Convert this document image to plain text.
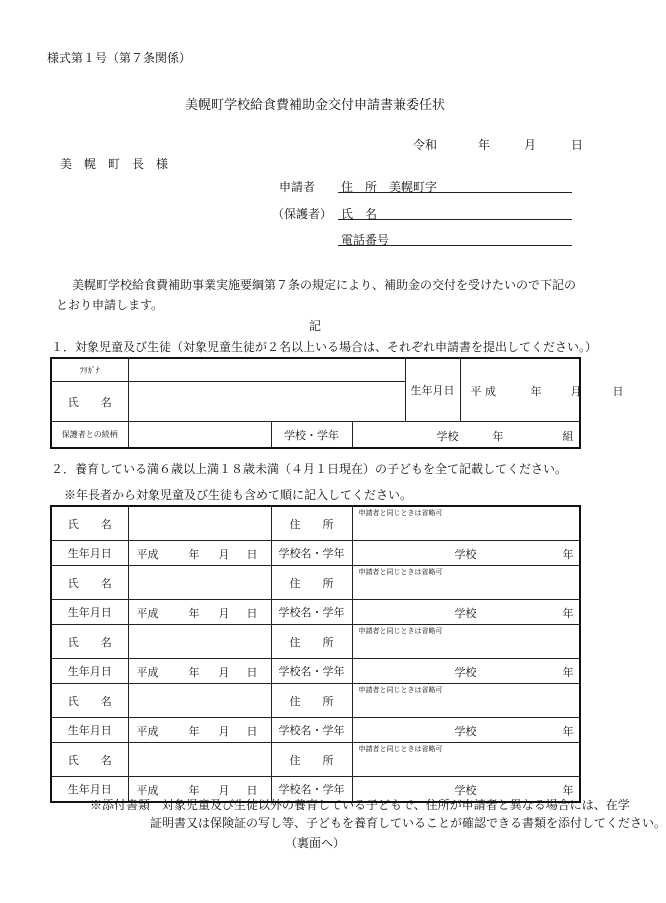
様式第１号（第７条関係）
美幌町学校給食費補助金交付申請書兼委任状
令和	年	月	日
美　幌　町　長　様
申請者 住　所 美幌町字
（保護者） 氏　名
電話番号
美幌町学校給食費補助事業実施要綱第７条の規定により、補助金の交付を受けたいので下記の
とおり申請します。
記
１．対象児童及び生徒（対象児童生徒が２名以上いる場合は、それぞれ申請書を提出してください。）
ﾌﾘｶﾞﾅ				生年月日 平 成 年 月 日

氏　　名				
保護者との続柄		学校・学年	学校 年 組	
２．養育している満６歳以上満１８歳未満（４月１日現在）の子どもを全て記載してください。
※年長者から対象児童及び生徒も含めて順に記入してください。
氏　　名		住　　所	申請者と同じときは省略可

生年月日	平成 年 月 日	学校名・学年	学校 年

氏　　名		住　　所	申請者と同じときは省略可

生年月日	平成 年 月 日	学校名・学年	学校 年

氏　　名		住　　所	申請者と同じときは省略可

生年月日	平成 年 月 日	学校名・学年	学校 年

氏　　名		住　　所	申請者と同じときは省略可

生年月日	平成 年 月 日	学校名・学年	学校 年

氏　　名		住　　所	申請者と同じときは省略可

生年月日	平成 年 月 日	学校名・学年	学校 年
※添付書類　対象児童及び生徒以外の養育している子どもで、住所が申請者と異なる場合には、在学
証明書又は保険証の写し等、子どもを養育していることが確認できる書類を添付してください。
（裏面へ）
